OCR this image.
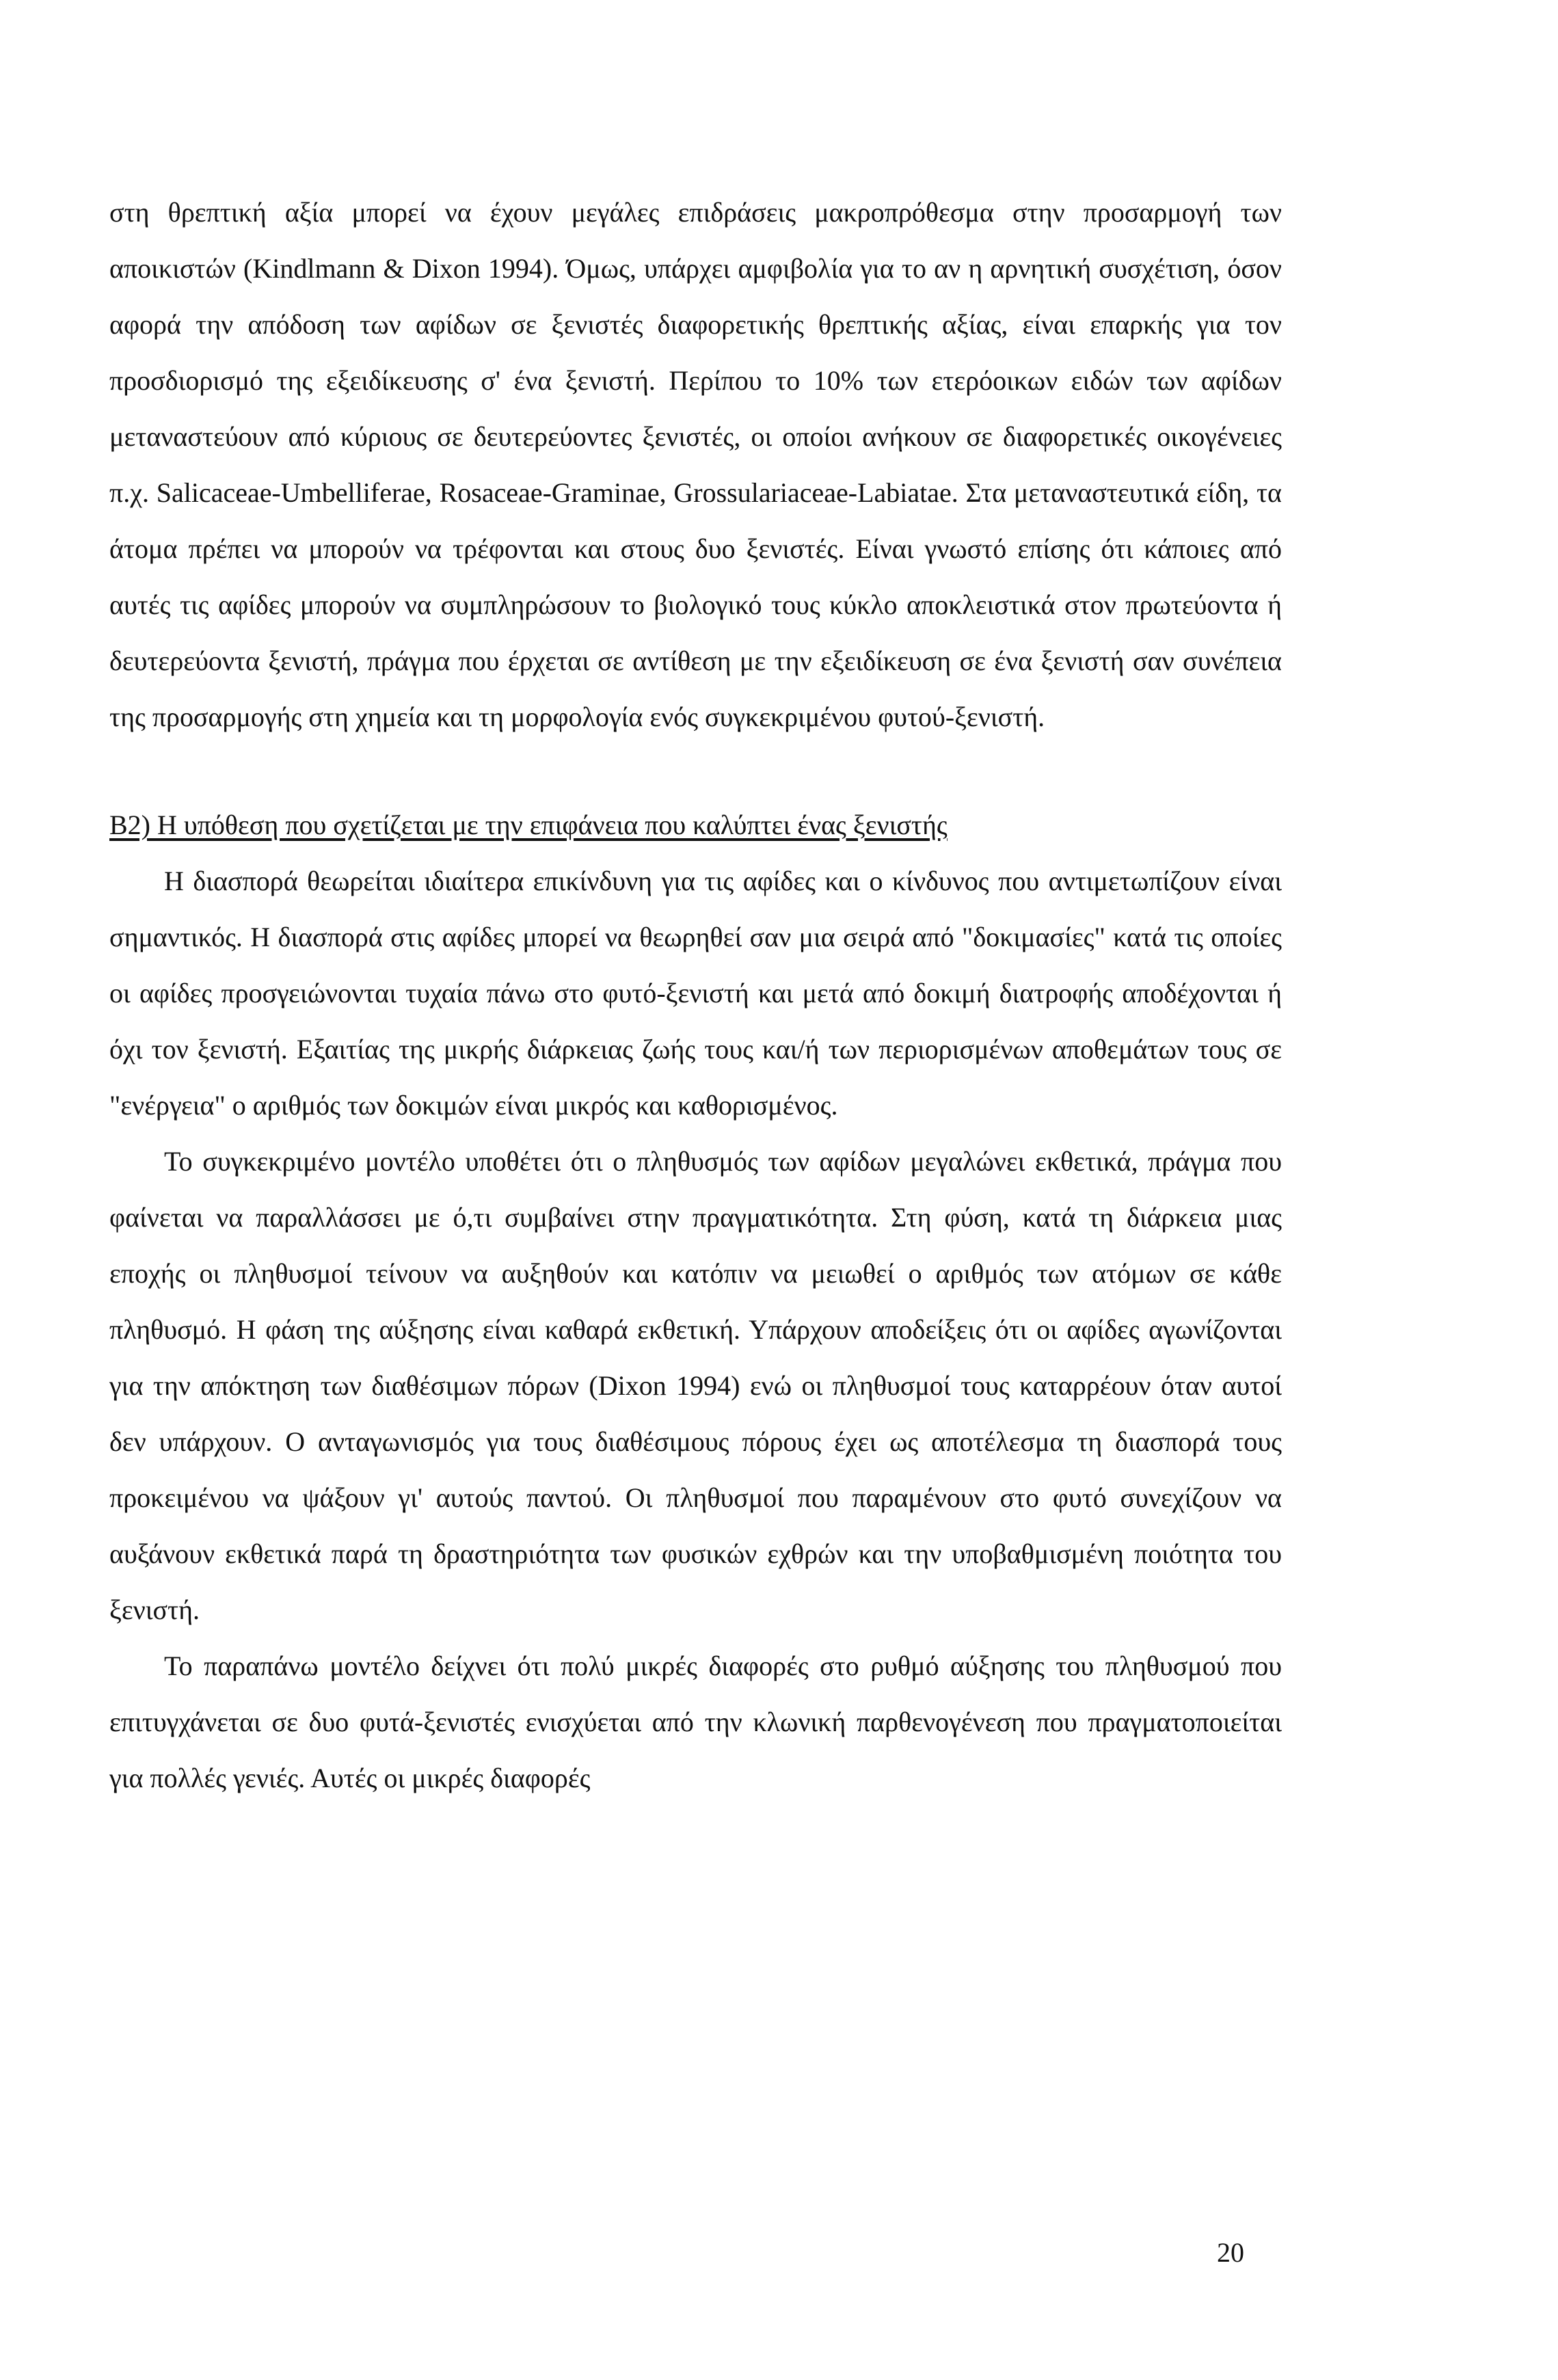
στη θρεπτική αξία μπορεί να έχουν μεγάλες επιδράσεις μακροπρόθεσμα στην προσαρμογή των αποικιστών (Kindlmann & Dixon 1994). Όμως, υπάρχει αμφιβολία για το αν η αρνητική συσχέτιση, όσον αφορά την απόδοση των αφίδων σε ξενιστές διαφορετικής θρεπτικής αξίας, είναι επαρκής για τον προσδιορισμό της εξειδίκευσης σ' ένα ξενιστή. Περίπου το 10% των ετερόοικων ειδών των αφίδων μεταναστεύουν από κύριους σε δευτερεύοντες ξενιστές, οι οποίοι ανήκουν σε διαφορετικές οικογένειες π.χ. Salicaceae-Umbelliferae, Rosaceae-Graminae, Grossulariaceae-Labiatae. Στα μεταναστευτικά είδη, τα άτομα πρέπει να μπορούν να τρέφονται και στους δυο ξενιστές. Είναι γνωστό επίσης ότι κάποιες από αυτές τις αφίδες μπορούν να συμπληρώσουν το βιολογικό τους κύκλο αποκλειστικά στον πρωτεύοντα ή δευτερεύοντα ξενιστή, πράγμα που έρχεται σε αντίθεση με την εξειδίκευση σε ένα ξενιστή σαν συνέπεια της προσαρμογής στη χημεία και τη μορφολογία ενός συγκεκριμένου φυτού-ξενιστή.

Β2) Η υπόθεση που σχετίζεται με την επιφάνεια που καλύπτει ένας ξενιστής

Η διασπορά θεωρείται ιδιαίτερα επικίνδυνη για τις αφίδες και ο κίνδυνος που αντιμετωπίζουν είναι σημαντικός. Η διασπορά στις αφίδες μπορεί να θεωρηθεί σαν μια σειρά από "δοκιμασίες" κατά τις οποίες οι αφίδες προσγειώνονται τυχαία πάνω στο φυτό-ξενιστή και μετά από δοκιμή διατροφής αποδέχονται ή όχι τον ξενιστή. Εξαιτίας της μικρής διάρκειας ζωής τους και/ή των περιορισμένων αποθεμάτων τους σε "ενέργεια" ο αριθμός των δοκιμών είναι μικρός και καθορισμένος.

Το συγκεκριμένο μοντέλο υποθέτει ότι ο πληθυσμός των αφίδων μεγαλώνει εκθετικά, πράγμα που φαίνεται να παραλλάσσει με ό,τι συμβαίνει στην πραγματικότητα. Στη φύση, κατά τη διάρκεια μιας εποχής οι πληθυσμοί τείνουν να αυξηθούν και κατόπιν να μειωθεί ο αριθμός των ατόμων σε κάθε πληθυσμό. Η φάση της αύξησης είναι καθαρά εκθετική. Υπάρχουν αποδείξεις ότι οι αφίδες αγωνίζονται για την απόκτηση των διαθέσιμων πόρων (Dixon 1994) ενώ οι πληθυσμοί τους καταρρέουν όταν αυτοί δεν υπάρχουν. Ο ανταγωνισμός για τους διαθέσιμους πόρους έχει ως αποτέλεσμα τη διασπορά τους προκειμένου να ψάξουν γι' αυτούς παντού. Οι πληθυσμοί που παραμένουν στο φυτό συνεχίζουν να αυξάνουν εκθετικά παρά τη δραστηριότητα των φυσικών εχθρών και την υποβαθμισμένη ποιότητα του ξενιστή.

Το παραπάνω μοντέλο δείχνει ότι πολύ μικρές διαφορές στο ρυθμό αύξησης του πληθυσμού που επιτυγχάνεται σε δυο φυτά-ξενιστές ενισχύεται από την κλωνική παρθενογένεση που πραγματοποιείται για πολλές γενιές. Αυτές οι μικρές διαφορές

20
